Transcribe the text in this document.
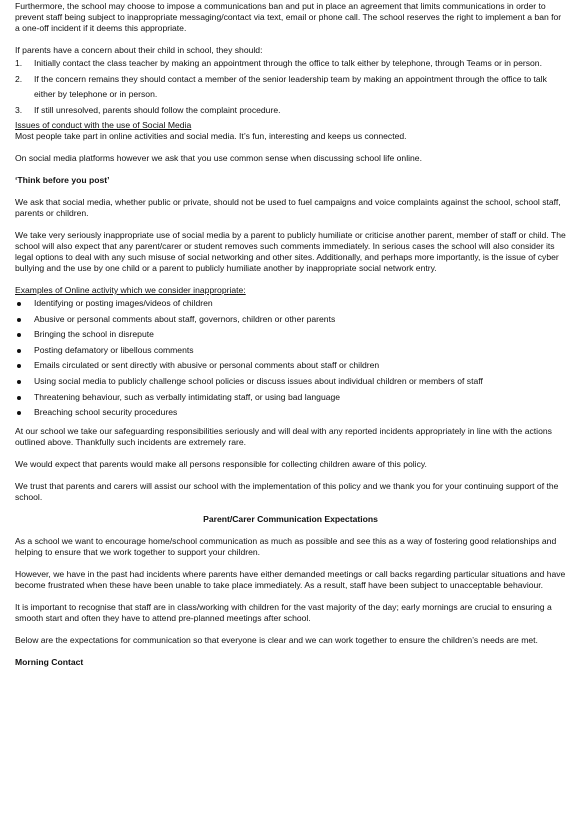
Furthermore, the school may choose to impose a communications ban and put in place an agreement that limits communications in order to prevent staff being subject to inappropriate messaging/contact via text, email or phone call. The school reserves the right to implement a ban for a one-off incident if it deems this appropriate.

If parents have a concern about their child in school, they should:

1. Initially contact the class teacher by making an appointment through the office to talk either by telephone, through Teams or in person.
2. If the concern remains they should contact a member of the senior leadership team by making an appointment through the office to talk either by telephone or in person.
3. If still unresolved, parents should follow the complaint procedure.

Issues of conduct with the use of Social Media

Most people take part in online activities and social media. It’s fun, interesting and keeps us connected.

On social media platforms however we ask that you use common sense when discussing school life online.

‘Think before you post’

We ask that social media, whether public or private, should not be used to fuel campaigns and voice complaints against the school, school staff, parents or children.

We take very seriously inappropriate use of social media by a parent to publicly humiliate or criticise another parent, member of staff or child. The school will also expect that any parent/carer or student removes such comments immediately. In serious cases the school will also consider its legal options to deal with any such misuse of social networking and other sites. Additionally, and perhaps more importantly, is the issue of cyber bullying and the use by one child or a parent to publicly humiliate another by inappropriate social network entry.

Examples of Online activity which we consider inappropriate:

Identifying or posting images/videos of children
Abusive or personal comments about staff, governors, children or other parents
Bringing the school in disrepute
Posting defamatory or libellous comments
Emails circulated or sent directly with abusive or personal comments about staff or children
Using social media to publicly challenge school policies or discuss issues about individual children or members of staff
Threatening behaviour, such as verbally intimidating staff, or using bad language
Breaching school security procedures

At our school we take our safeguarding responsibilities seriously and will deal with any reported incidents appropriately in line with the actions outlined above. Thankfully such incidents are extremely rare.

We would expect that parents would make all persons responsible for collecting children aware of this policy.

We trust that parents and carers will assist our school with the implementation of this policy and we thank you for your continuing support of the school.

Parent/Carer Communication Expectations

As a school we want to encourage home/school communication as much as possible and see this as a way of fostering good relationships and helping to ensure that we work together to support your children.

However, we have in the past had incidents where parents have either demanded meetings or call backs regarding particular situations and have become frustrated when these have been unable to take place immediately. As a result, staff have been subject to unacceptable behaviour.

It is important to recognise that staff are in class/working with children for the vast majority of the day; early mornings are crucial to ensuring a smooth start and often they have to attend pre-planned meetings after school.

Below are the expectations for communication so that everyone is clear and we can work together to ensure the children’s needs are met.

Morning Contact
